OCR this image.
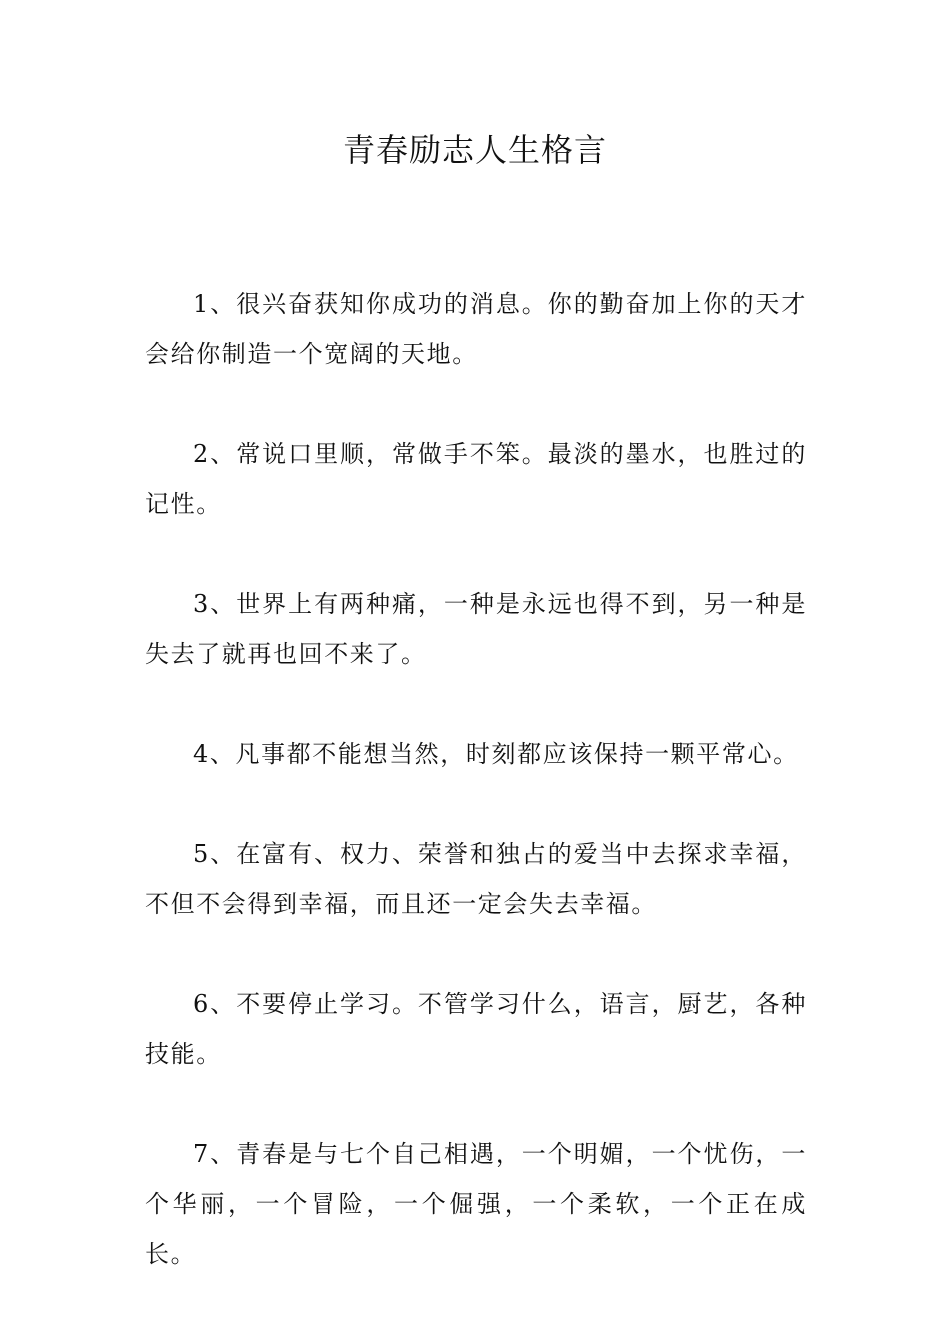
青春励志人生格言
1、很兴奋获知你成功的消息。你的勤奋加上你的天才会给你制造一个宽阔的天地。
2、常说口里顺，常做手不笨。最淡的墨水，也胜过的记性。
3、世界上有两种痛，一种是永远也得不到，另一种是失去了就再也回不来了。
4、凡事都不能想当然，时刻都应该保持一颗平常心。
5、在富有、权力、荣誉和独占的爱当中去探求幸福，不但不会得到幸福，而且还一定会失去幸福。
6、不要停止学习。不管学习什么，语言，厨艺，各种技能。
7、青春是与七个自己相遇，一个明媚，一个忧伤，一个华丽，一个冒险，一个倔强，一个柔软，一个正在成长。
